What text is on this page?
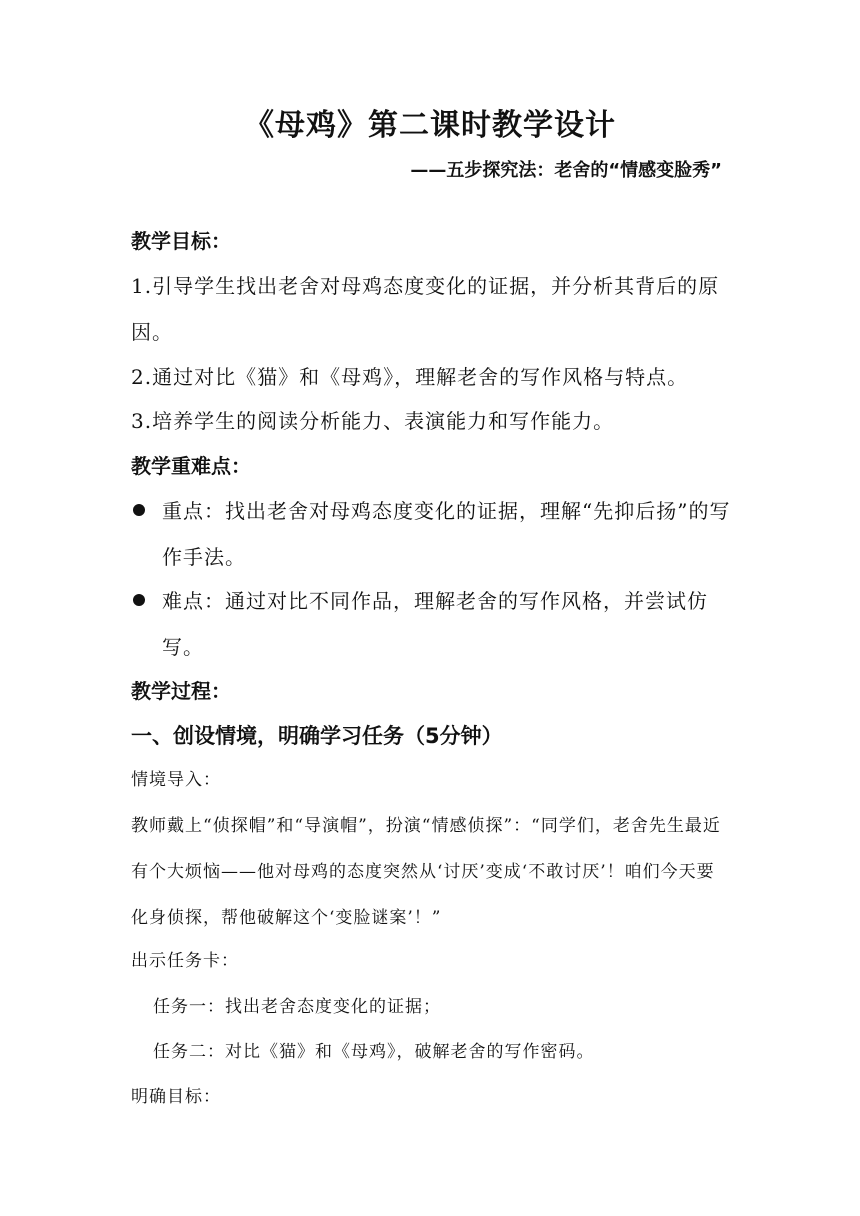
《母鸡》第二课时教学设计
——五步探究法：老舍的“情感变脸秀”
教学目标：
1.引导学生找出老舍对母鸡态度变化的证据，并分析其背后的原因。
2.通过对比《猫》和《母鸡》，理解老舍的写作风格与特点。
3.培养学生的阅读分析能力、表演能力和写作能力。
教学重难点：
重点：找出老舍对母鸡态度变化的证据，理解“先抑后扬”的写作手法。
难点：通过对比不同作品，理解老舍的写作风格，并尝试仿写。
教学过程：
一、创设情境，明确学习任务（5分钟）
情境导入：
教师戴上“侦探帽”和“导演帽”，扮演“情感侦探”：“同学们，老舍先生最近有个大烦恼——他对母鸡的态度突然从‘讨厌’变成‘不敢讨厌’！咱们今天要化身侦探，帮他破解这个‘变脸谜案’！”
出示任务卡：
任务一：找出老舍态度变化的证据；
任务二：对比《猫》和《母鸡》，破解老舍的写作密码。
明确目标：
